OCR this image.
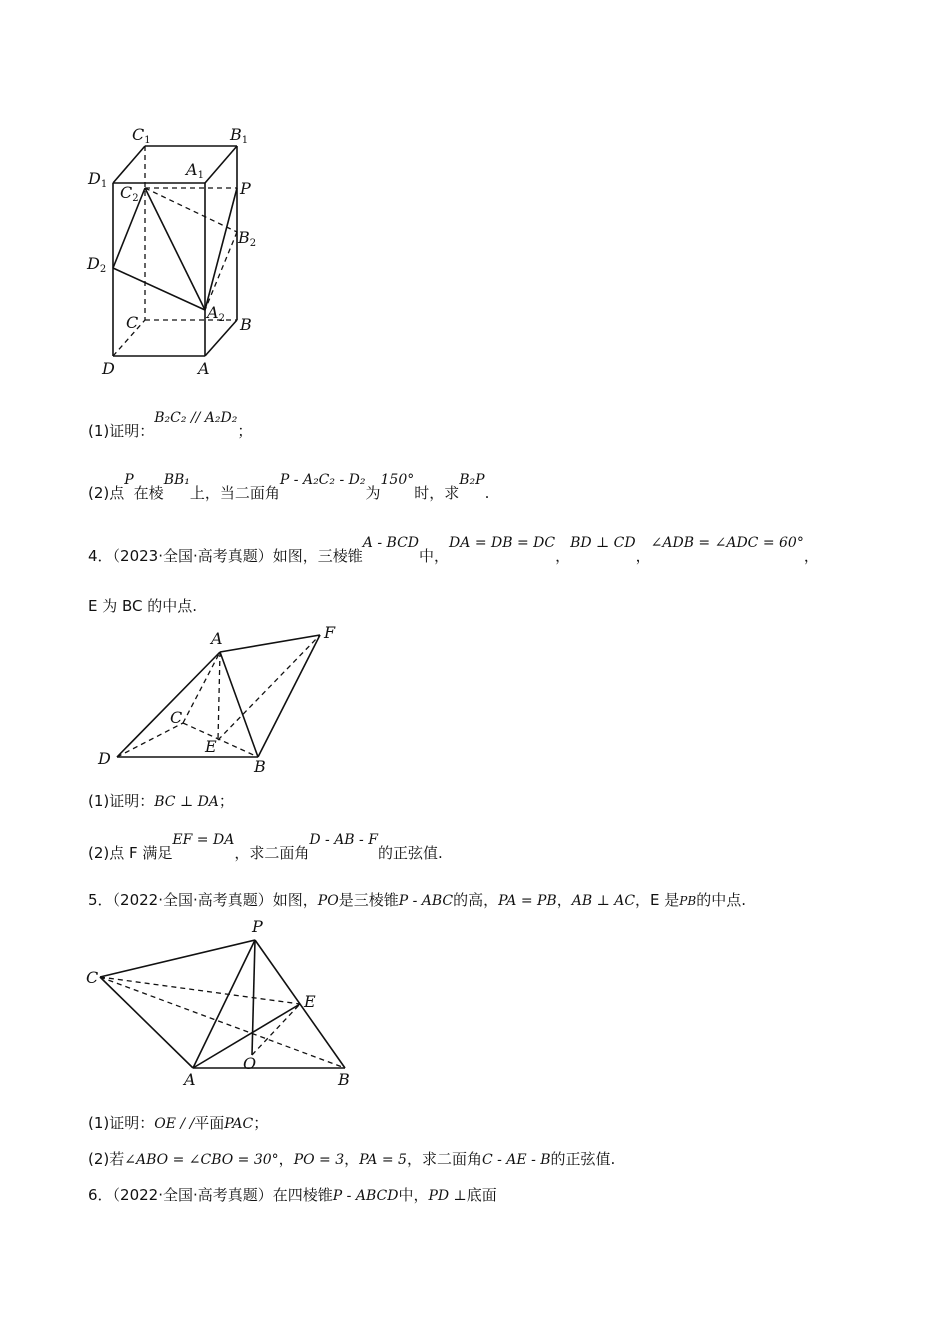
C1	B1
A1
D1 C2
P
B2
D2
A2
C	B
D	A
(1)证明：B₂C₂ // A₂D₂；
(2)点P在棱BB₁上，当二面角P - A₂C₂ - D₂为150°时，求B₂P.
4．（2023·全国·高考真题）如图，三棱锥A - BCD中，DA = DB = DC，BD ⊥ CD，∠ADB = ∠ADC = 60°，
E 为 BC 的中点.
A	F
C
E
D	B
(1)证明：BC ⊥ DA；
(2)点 F 满足EF = DA，求二面角D - AB - F的正弦值.
5．（2022·全国·高考真题）如图，PO是三棱锥P - ABC的高，PA = PB，AB ⊥ AC，E 是PB的中点.
P
C
E
A
O
B
(1)证明：OE / /平面PAC；
(2)若∠ABO = ∠CBO = 30°，PO = 3，PA = 5，求二面角C - AE - B的正弦值.
6．（2022·全国·高考真题）在四棱锥P - ABCD中，PD ⊥底面
